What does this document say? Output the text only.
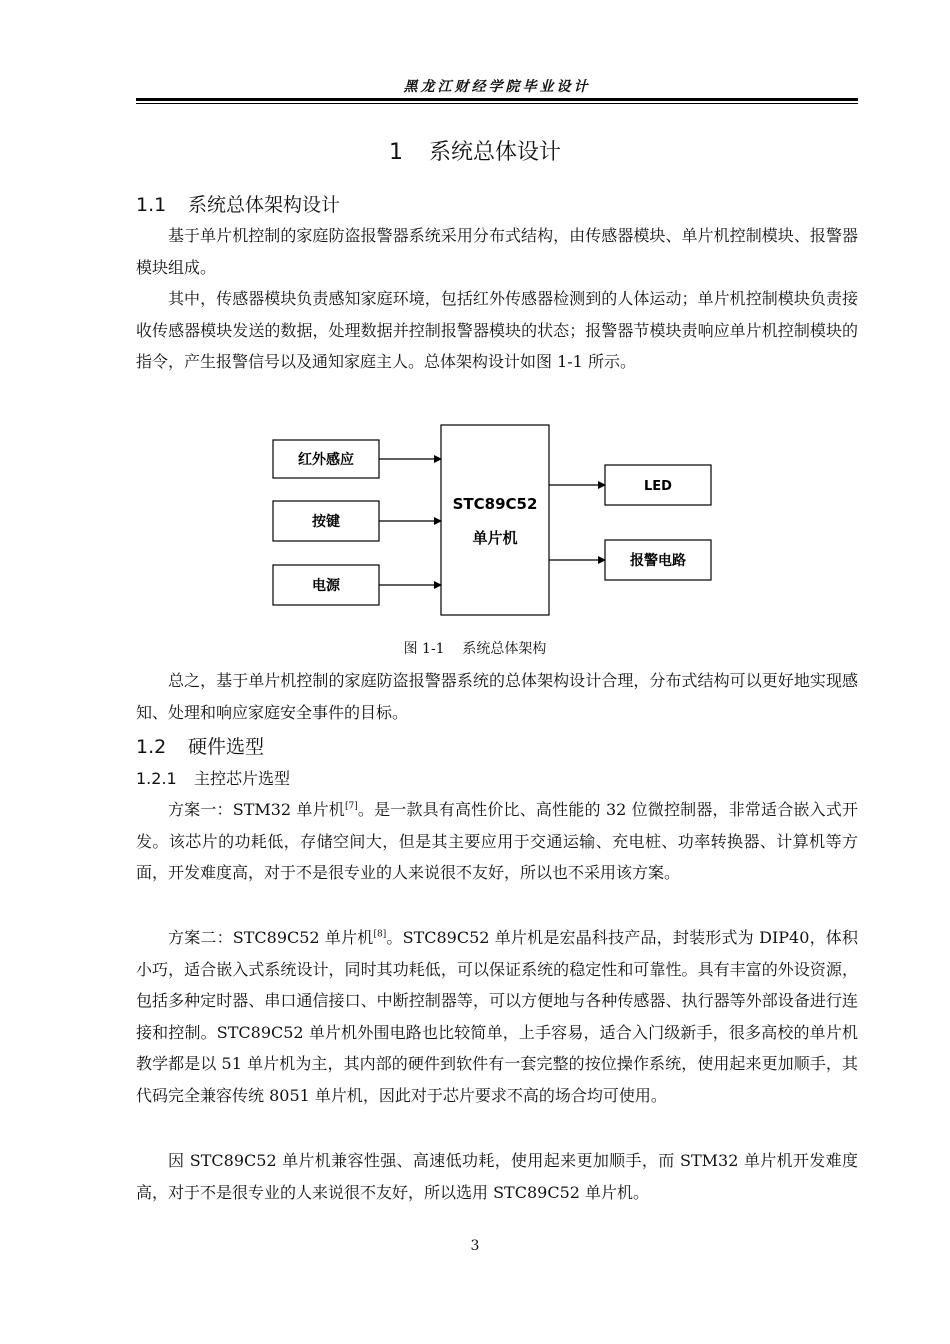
黑龙江财经学院毕业设计
1 系统总体设计
1.1 系统总体架构设计

基于单片机控制的家庭防盗报警器系统采用分布式结构，由传感器模块、单片机控制模块、报警器模块组成。

其中，传感器模块负责感知家庭环境，包括红外传感器检测到的人体运动；单片机控制模块负责接收传感器模块发送的数据，处理数据并控制报警器模块的状态；报警器节模块责响应单片机控制模块的指令，产生报警信号以及通知家庭主人。总体架构设计如图 1-1 所示。

红外感应
按键
电源
STC89C52
单片机
LED
报警电路
图 1-1 系统总体架构

总之，基于单片机控制的家庭防盗报警器系统的总体架构设计合理，分布式结构可以更好地实现感知、处理和响应家庭安全事件的目标。

1.2 硬件选型
1.2.1 主控芯片选型

方案一：STM32 单片机[7]。是一款具有高性价比、高性能的 32 位微控制器，非常适合嵌入式开发。该芯片的功耗低，存储空间大，但是其主要应用于交通运输、充电桩、功率转换器、计算机等方面，开发难度高，对于不是很专业的人来说很不友好，所以也不采用该方案。

方案二：STC89C52 单片机[8]。STC89C52 单片机是宏晶科技产品，封装形式为 DIP40，体积小巧，适合嵌入式系统设计，同时其功耗低，可以保证系统的稳定性和可靠性。具有丰富的外设资源，包括多种定时器、串口通信接口、中断控制器等，可以方便地与各种传感器、执行器等外部设备进行连接和控制。STC89C52 单片机外围电路也比较简单，上手容易，适合入门级新手，很多高校的单片机教学都是以 51 单片机为主，其内部的硬件到软件有一套完整的按位操作系统，使用起来更加顺手，其代码完全兼容传统 8051 单片机，因此对于芯片要求不高的场合均可使用。

因 STC89C52 单片机兼容性强、高速低功耗，使用起来更加顺手，而 STM32 单片机开发难度高，对于不是很专业的人来说很不友好，所以选用 STC89C52 单片机。

3
